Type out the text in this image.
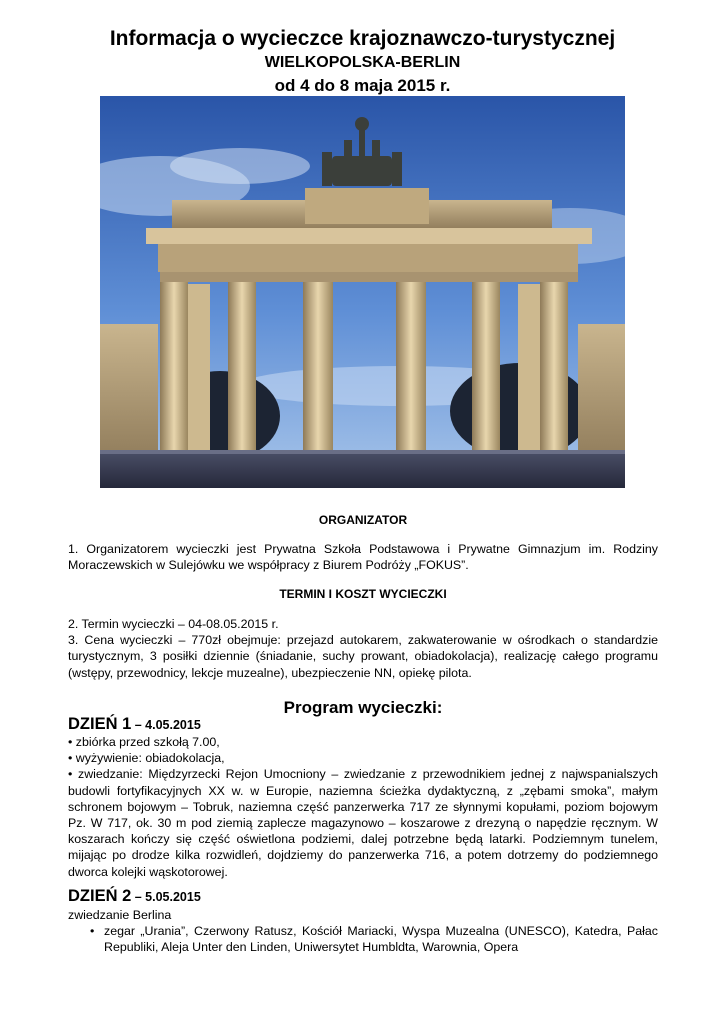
Informacja o wycieczce krajoznawczo-turystycznej
WIELKOPOLSKA-BERLIN
od 4 do 8 maja 2015 r.
ORGANIZATOR

1. Organizatorem wycieczki jest Prywatna Szkoła Podstawowa i Prywatne Gimnazjum im. Rodziny Moraczewskich w Sulejówku we współpracy z Biurem Podróży „FOKUS”.

TERMIN I KOSZT WYCIECZKI

2. Termin wycieczki – 04-08.05.2015 r.

3. Cena wycieczki – 770zł obejmuje: przejazd autokarem, zakwaterowanie w ośrodkach o standardzie turystycznym, 3 posiłki dziennie (śniadanie, suchy prowant, obiadokolacja), realizację całego programu (wstępy, przewodnicy, lekcje muzealne), ubezpieczenie NN, opiekę pilota.

Program wycieczki:
DZIEŃ 1 – 4.05.2015

• zbiórka przed szkołą 7.00,

• wyżywienie: obiadokolacja,

• zwiedzanie: Międzyrzecki Rejon Umocniony – zwiedzanie z przewodnikiem jednej z najwspanialszych budowli fortyfikacyjnych XX w. w Europie, naziemna ścieżka dydaktyczną, z „zębami smoka”, małym schronem bojowym – Tobruk, naziemna część panzerwerka 717 ze słynnymi kopułami, poziom bojowym Pz. W 717, ok. 30 m pod ziemią zaplecze magazynowo – koszarowe z drezyną o napędzie ręcznym. W koszarach kończy się część oświetlona podziemi, dalej potrzebne będą latarki. Podziemnym tunelem, mijając po drodze kilka rozwidleń, dojdziemy do panzerwerka 716, a potem dotrzemy do podziemnego dworca kolejki wąskotorowej.

DZIEŃ 2 – 5.05.2015

zwiedzanie Berlina

• zegar „Urania”, Czerwony Ratusz, Kościół Mariacki, Wyspa Muzealna (UNESCO), Katedra, Pałac Republiki, Aleja Unter den Linden, Uniwersytet Humbldta, Warownia, Opera
